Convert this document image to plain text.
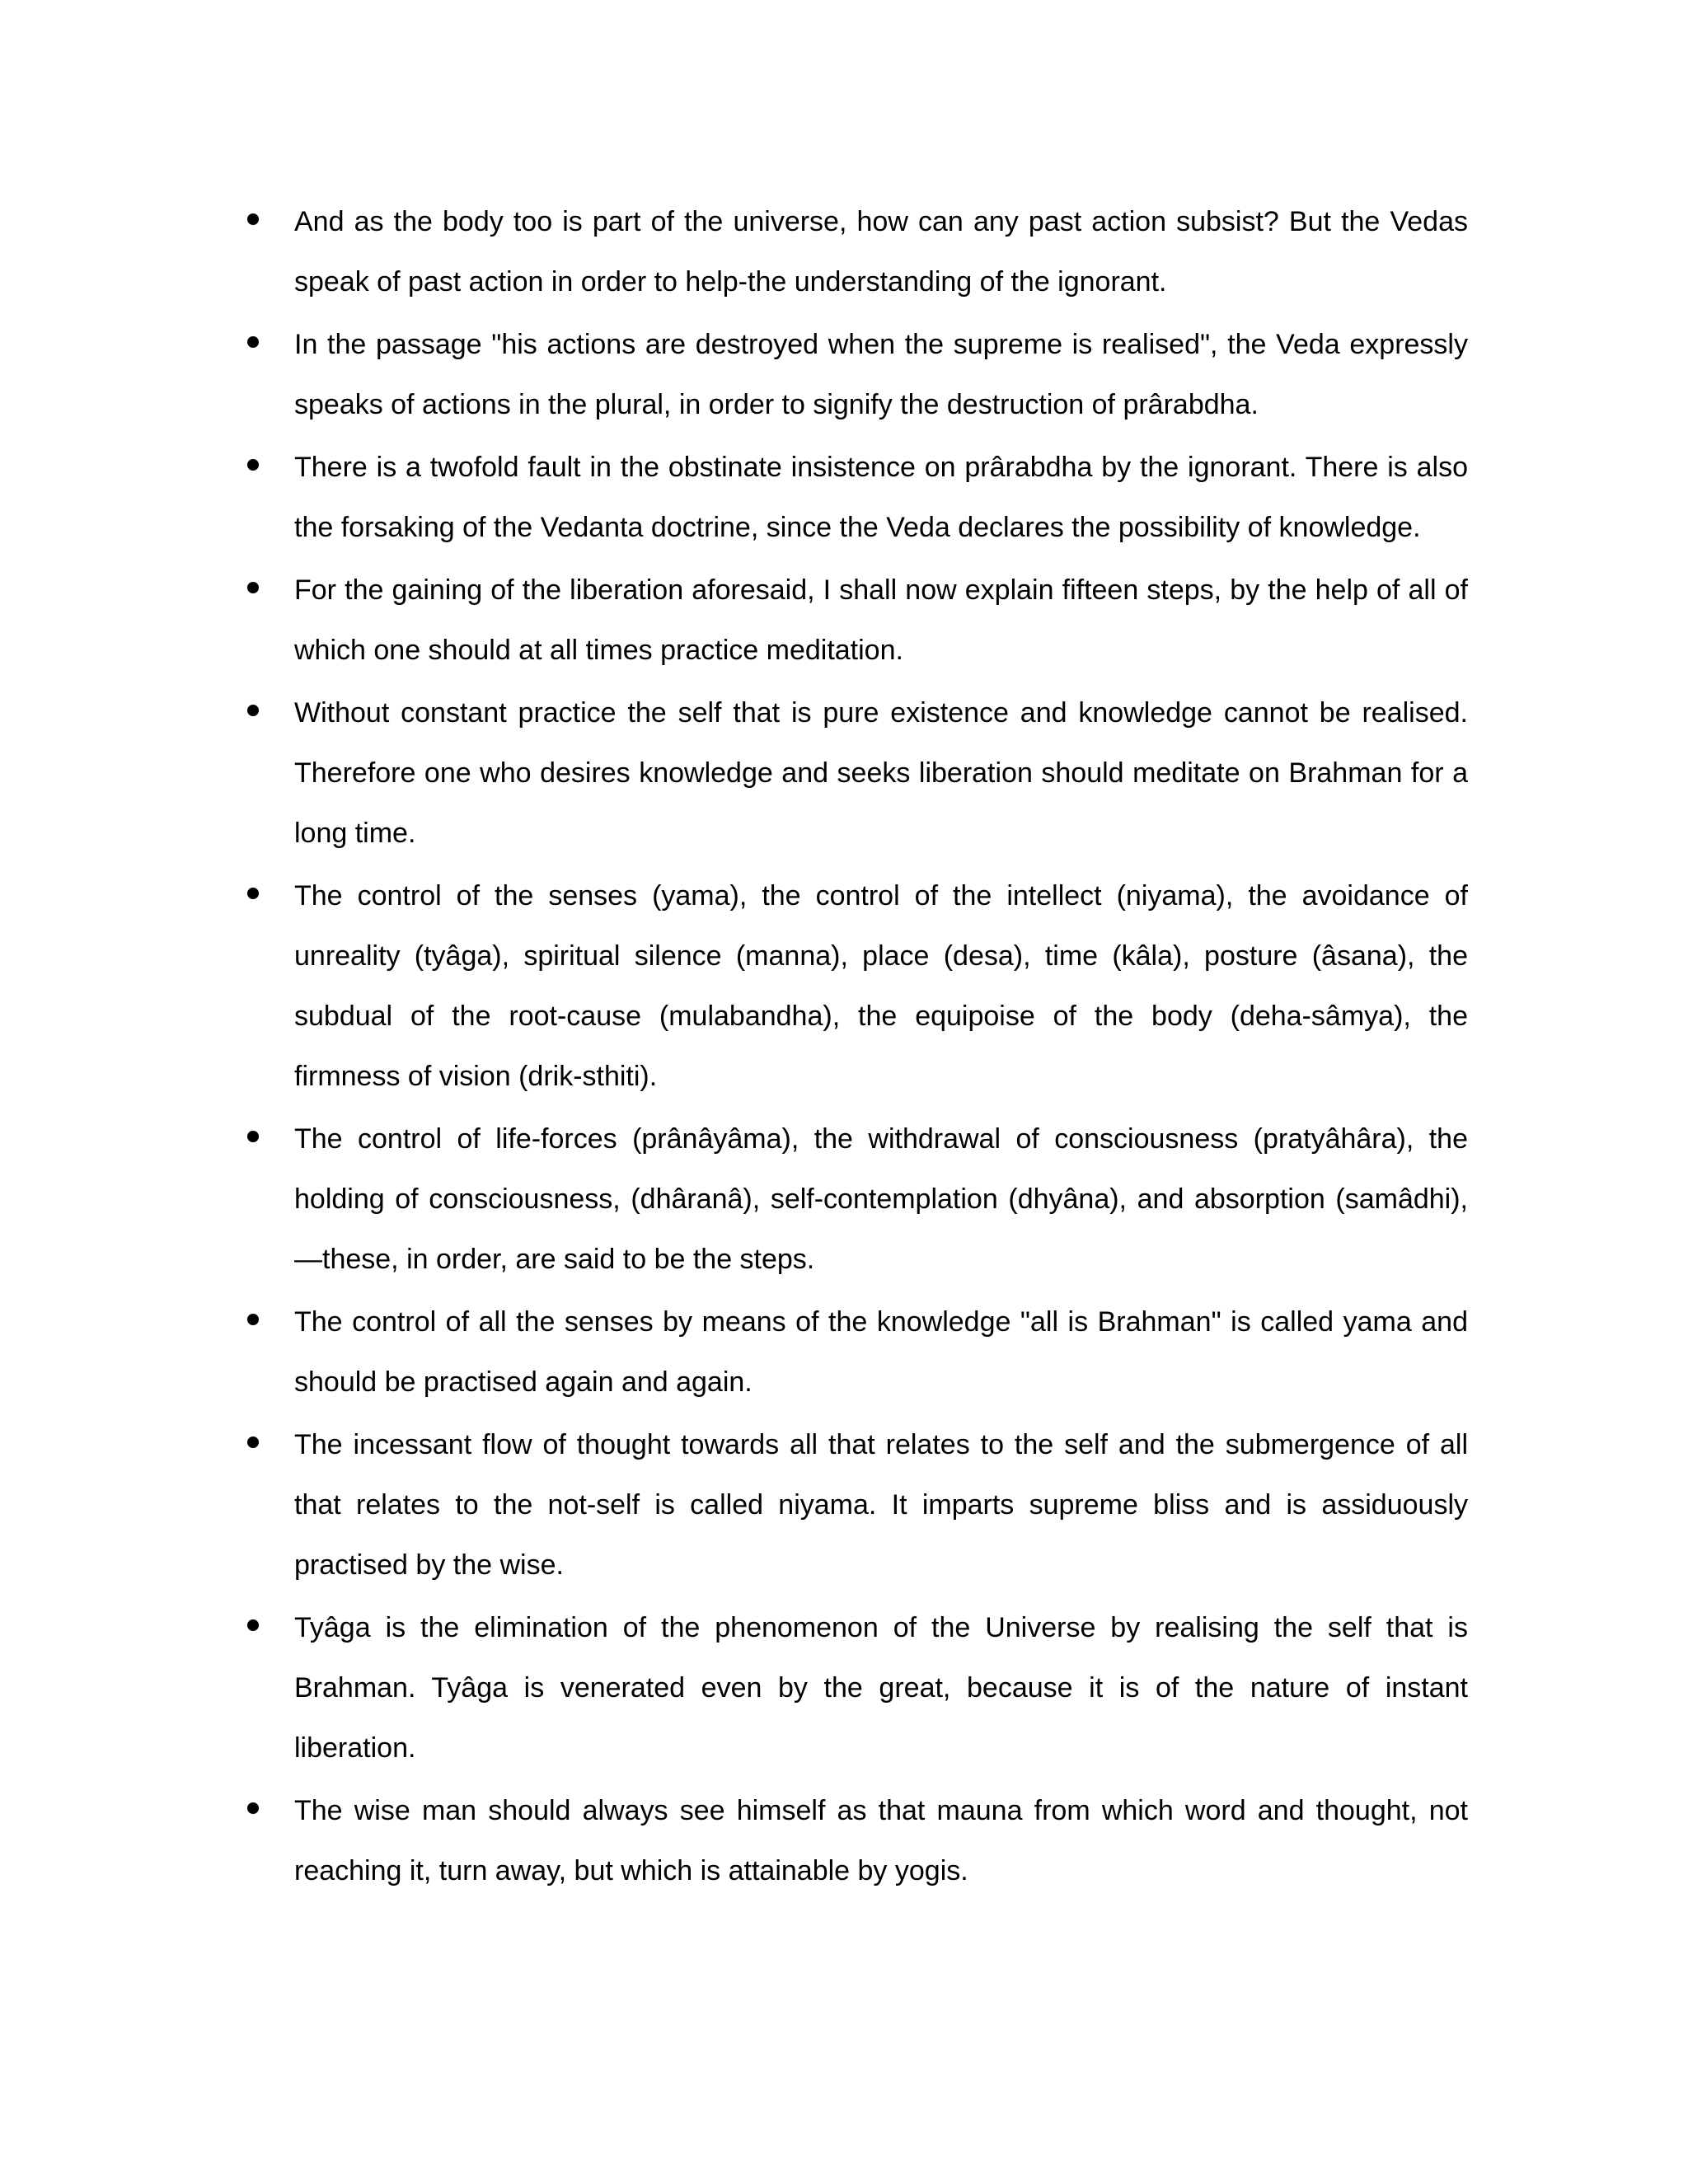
And as the body too is part of the universe, how can any past action subsist? But the Vedas speak of past action in order to help-the understanding of the ignorant.
In the passage "his actions are destroyed when the supreme is realised", the Veda expressly speaks of actions in the plural, in order to signify the destruction of prârabdha.
There is a twofold fault in the obstinate insistence on prârabdha by the ignorant. There is also the forsaking of the Vedanta doctrine, since the Veda declares the possibility of knowledge.
For the gaining of the liberation aforesaid, I shall now explain fifteen steps, by the help of all of which one should at all times practice meditation.
Without constant practice the self that is pure existence and knowledge cannot be realised. Therefore one who desires knowledge and seeks liberation should meditate on Brahman for a long time.
The control of the senses (yama), the control of the intellect (niyama), the avoidance of unreality (tyâga), spiritual silence (manna), place (desa), time (kâla), posture (âsana), the subdual of the root-cause (mulabandha), the equipoise of the body (deha-sâmya), the firmness of vision (drik-sthiti).
The control of life-forces (prânâyâma), the withdrawal of consciousness (pratyâhâra), the holding of consciousness, (dhâranâ), self-contemplation (dhyâna), and absorption (samâdhi),—these, in order, are said to be the steps.
The control of all the senses by means of the knowledge "all is Brahman" is called yama and should be practised again and again.
The incessant flow of thought towards all that relates to the self and the submergence of all that relates to the not-self is called niyama. It imparts supreme bliss and is assiduously practised by the wise.
Tyâga is the elimination of the phenomenon of the Universe by realising the self that is Brahman. Tyâga is venerated even by the great, because it is of the nature of instant liberation.
The wise man should always see himself as that mauna from which word and thought, not reaching it, turn away, but which is attainable by yogis.
